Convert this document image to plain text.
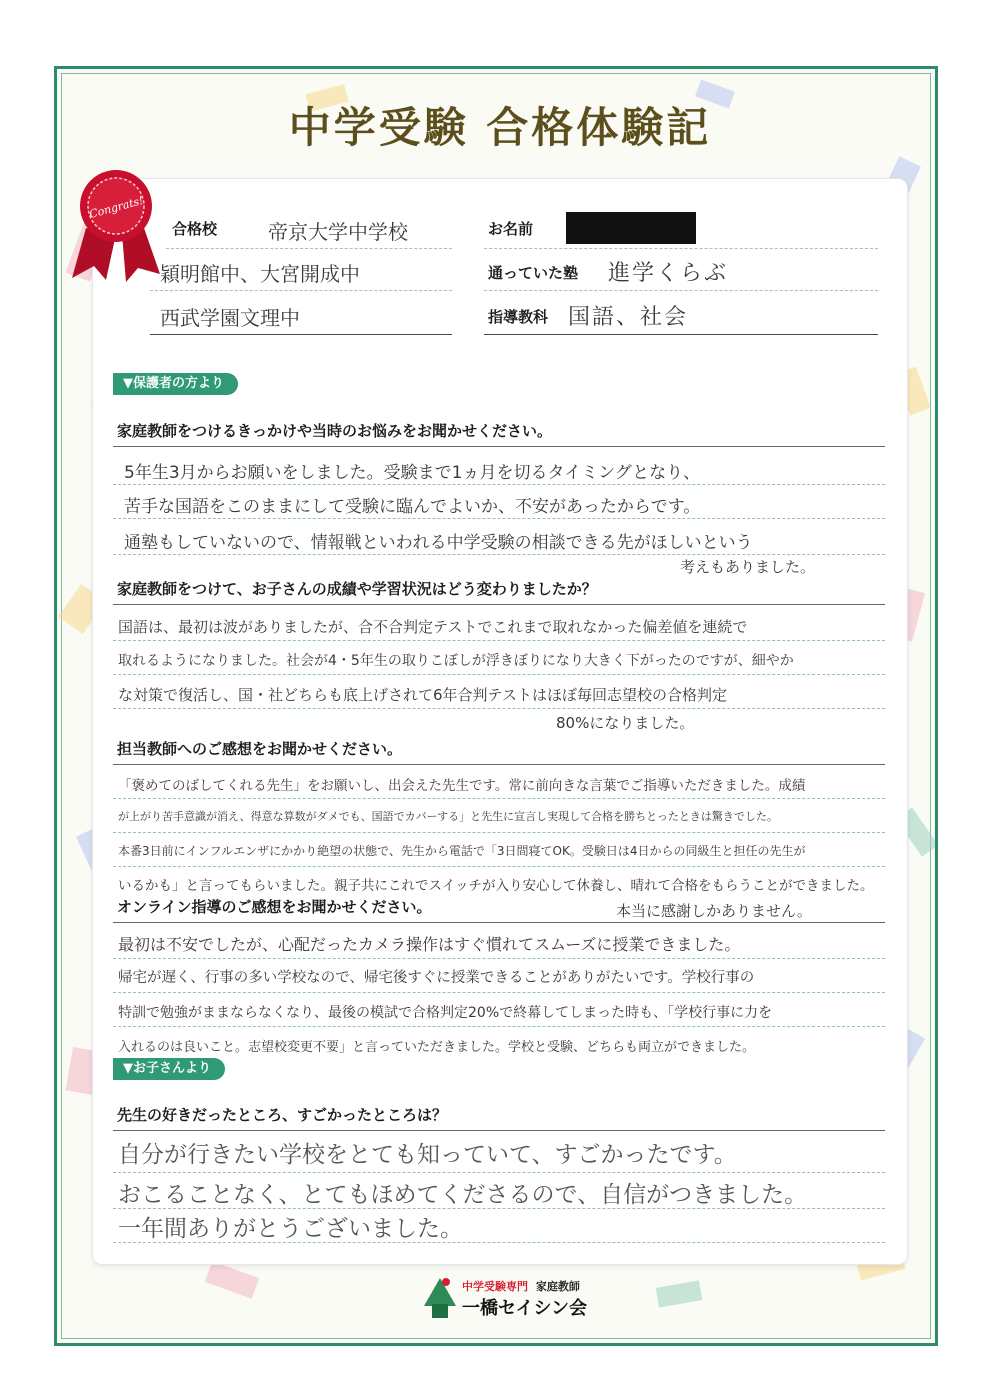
中学受験 合格体験記
Congrats!
合格校	帝京大学中学校
穎明館中、大宮開成中
西武学園文理中
お名前
通っていた塾 進学くらぶ
指導教科 国語、社会
▼保護者の方より
家庭教師をつけるきっかけや当時のお悩みをお聞かせください。
5年生3月からお願いをしました。受験まで1ヵ月を切るタイミングとなり、
苦手な国語をこのままにして受験に臨んでよいか、不安があったからです。
通塾もしていないので、情報戦といわれる中学受験の相談できる先がほしいという
考えもありました。
家庭教師をつけて、お子さんの成績や学習状況はどう変わりましたか？
国語は、最初は波がありましたが、合不合判定テストでこれまで取れなかった偏差値を連続で
取れるようになりました。社会が4・5年生の取りこぼしが浮きぼりになり大きく下がったのですが、細やか
な対策で復活し、国・社どちらも底上げされて6年合判テストはほぼ毎回志望校の合格判定
80%になりました。
担当教師へのご感想をお聞かせください。
「褒めてのばしてくれる先生」をお願いし、出会えた先生です。常に前向きな言葉でご指導いただきました。成績
が上がり苦手意識が消え、得意な算数がダメでも、国語でカバーする」と先生に宣言し実現して合格を勝ちとったときは驚きでした。
本番3日前にインフルエンザにかかり絶望の状態で、先生から電話で「3日間寝てOK。受験日は4日からの同級生と担任の先生が
いるかも」と言ってもらいました。親子共にこれでスイッチが入り安心して休養し、晴れて合格をもらうことができました。
本当に感謝しかありません。
オンライン指導のご感想をお聞かせください。
最初は不安でしたが、心配だったカメラ操作はすぐ慣れてスムーズに授業できました。
帰宅が遅く、行事の多い学校なので、帰宅後すぐに授業できることがありがたいです。学校行事の
特訓で勉強がままならなくなり、最後の模試で合格判定20%で終幕してしまった時も、「学校行事に力を
入れるのは良いこと。志望校変更不要」と言っていただきました。学校と受験、どちらも両立ができました。
▼お子さんより
先生の好きだったところ、すごかったところは？
自分が行きたい学校をとても知っていて、すごかったです。
おこることなく、とてもほめてくださるので、自信がつきました。
一年間ありがとうございました。
中学受験専門 家庭教師
一橋セイシン会
